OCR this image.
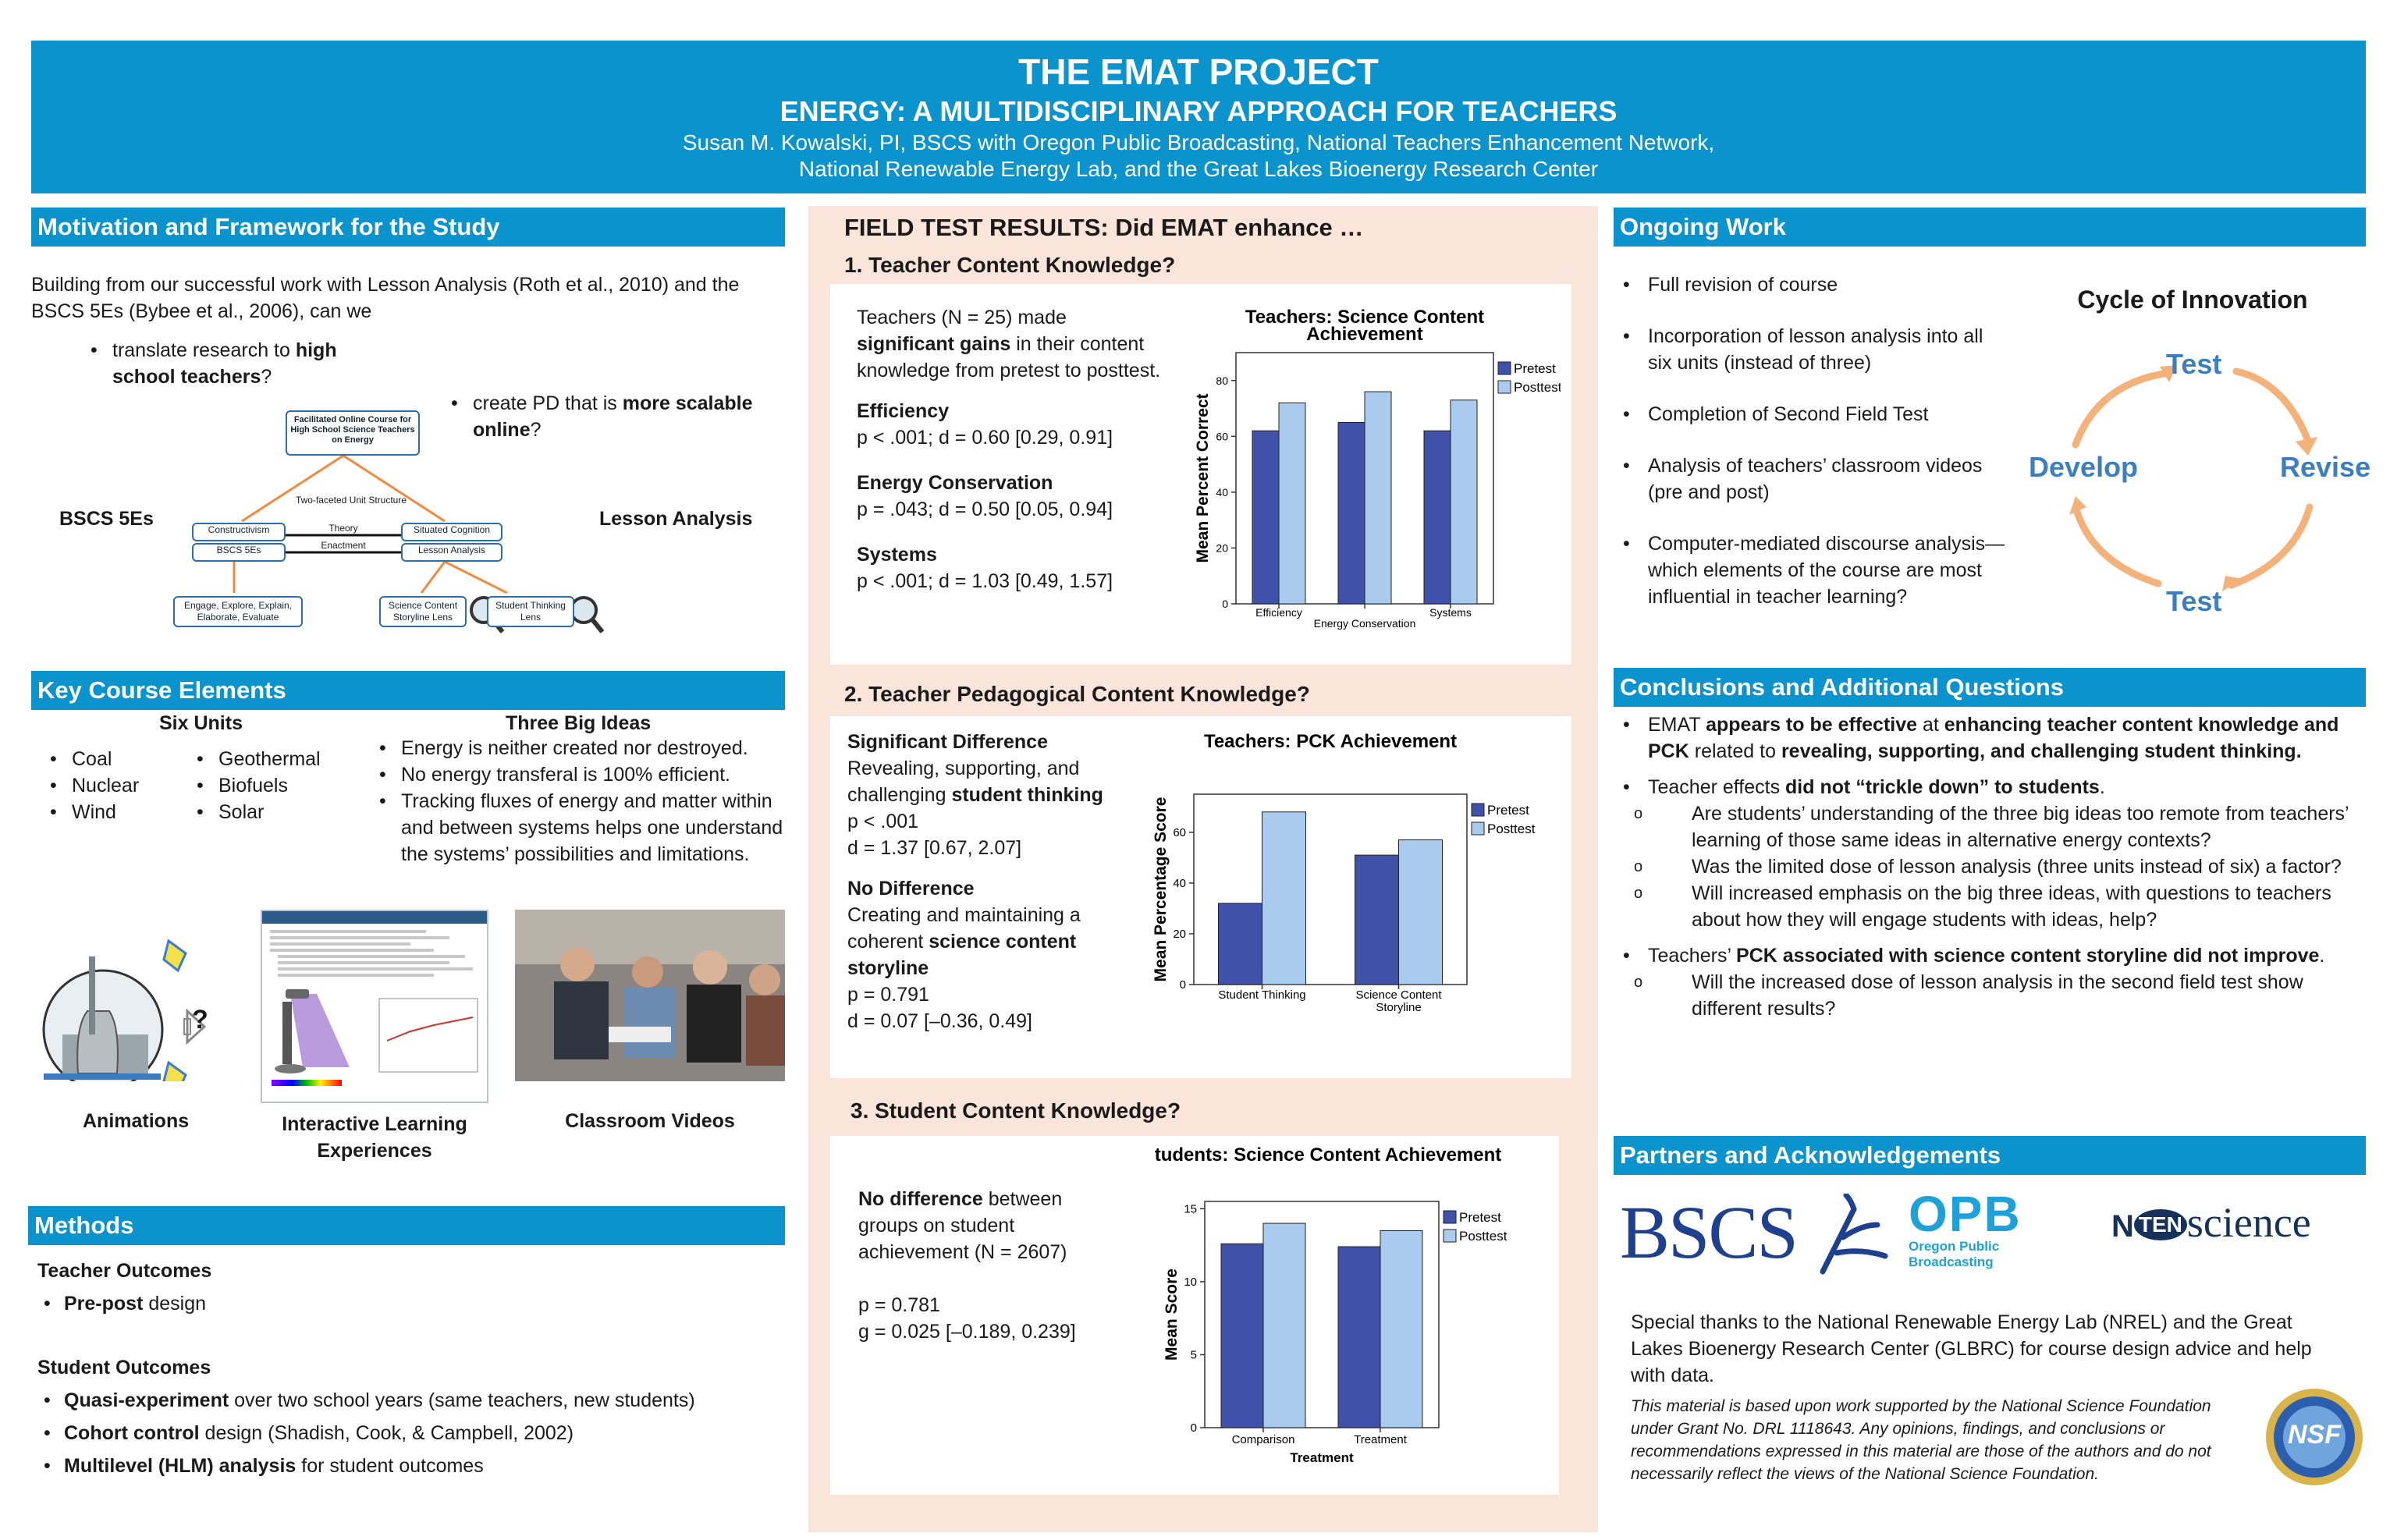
THE EMAT PROJECT
ENERGY: A MULTIDISCIPLINARY APPROACH FOR TEACHERS
Susan M. Kowalski, PI, BSCS with Oregon Public Broadcasting, National Teachers Enhancement Network,
National Renewable Energy Lab, and the Great Lakes Bioenergy Research Center
Motivation and Framework for the Study
Building from our successful work with Lesson Analysis (Roth et al., 2010) and the
BSCS 5Es (Bybee et al., 2006), can we
• translate research to high
school teachers?
• create PD that is more scalable
online?
BSCS 5Es	Lesson Analysis
Facilitated Online Course for High School Science Teachers on Energy
Two-faceted Unit Structure
Constructivism
BSCS 5Es
Situated Cognition
Lesson Analysis
Theory
Enactment
Engage, Explore, Explain, Elaborate, Evaluate
Science Content Storyline Lens
Student Thinking Lens
Key Course Elements
Six Units
• Coal
• Nuclear
• Wind
• Geothermal
• Biofuels
• Solar
Three Big Ideas
• Energy is neither created nor destroyed.
• No energy transferal is 100% efficient.
• Tracking fluxes of energy and matter within and between systems helps one understand the systems’ possibilities and limitations.
?
Animations	Interactive Learning Experiences
Classroom Videos
Methods
Teacher Outcomes
• Pre-post design
Student Outcomes
• Quasi-experiment over two school years (same teachers, new students)
• Cohort control design (Shadish, Cook, & Campbell, 2002)
• Multilevel (HLM) analysis for student outcomes
FIELD TEST RESULTS: Did EMAT enhance …
1. Teacher Content Knowledge?
Teachers (N = 25) made
significant gains in their content knowledge from pretest to posttest.
Efficiency
p < .001; d = 0.60 [0.29, 0.91]
Energy Conservation
p = .043; d = 0.50 [0.05, 0.94]
Systems
p < .001; d = 1.03 [0.49, 1.57]
Teachers: Science Content
Achievement
0
20
40
60
80
Mean Percent Correct
Efficiency
Energy Conservation
Systems
Pretest
Posttest
2. Teacher Pedagogical Content Knowledge?
Significant Difference
Revealing, supporting, and challenging student thinking
p < .001
d = 1.37 [0.67, 2.07]
No Difference
Creating and maintaining a coherent science content storyline
p = 0.791
d = 0.07 [–0.36, 0.49]
Teachers: PCK Achievement
0
20
40
60
Mean Percentage Score
Student Thinking	Science Content
Storyline
Pretest
Posttest
3. Student Content Knowledge?
No difference between groups on student achievement (N = 2607)
p = 0.781
g = 0.025 [–0.189, 0.239]
Students: Science Content Achievement
0
5
10
15
Mean Score
Comparison	Treatment
Treatment
Pretest
Posttest
Ongoing Work
• Full revision of course
• Incorporation of lesson analysis into all six units (instead of three)
• Completion of Second Field Test
• Analysis of teachers’ classroom videos (pre and post)
• Computer-mediated discourse analysis—which elements of the course are most influential in teacher learning?
Cycle of Innovation
Test
Revise
Test
Develop
Conclusions and Additional Questions
• EMAT appears to be effective at enhancing teacher content knowledge and PCK related to revealing, supporting, and challenging student thinking.
• Teacher effects did not “trickle down” to students.
o Are students’ understanding of the three big ideas too remote from teachers’ learning of those same ideas in alternative energy contexts?
o Was the limited dose of lesson analysis (three units instead of six) a factor?
o Will increased emphasis on the big three ideas, with questions to teachers about how they will engage students with ideas, help?
• Teachers’ PCK associated with science content storyline did not improve.
o Will the increased dose of lesson analysis in the second field test show different results?
Partners and Acknowledgements
BSCS	OPB
Oregon Public
Broadcasting
N TEN science
Special thanks to the National Renewable Energy Lab (NREL) and the Great Lakes Bioenergy Research Center (GLBRC) for course design advice and help with data.
This material is based upon work supported by the National Science Foundation under Grant No. DRL 1118643. Any opinions, findings, and conclusions or recommendations expressed in this material are those of the authors and do not necessarily reflect the views of the National Science Foundation.
NSF
